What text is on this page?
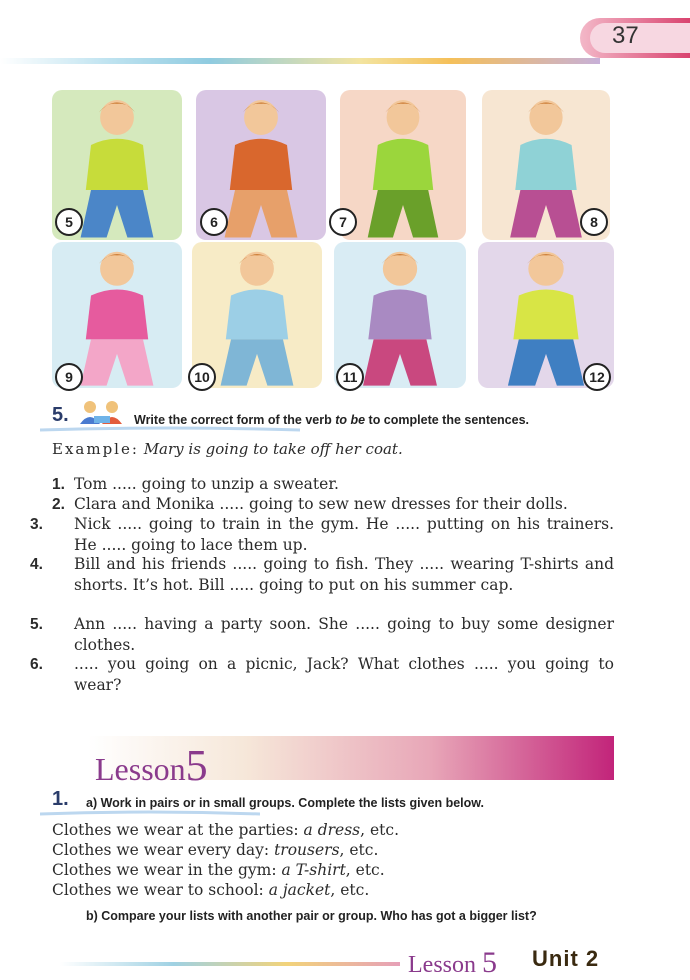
37
5	6	7	8
9	10	11	12
5.	Write the correct form of the verb to be to complete the sentences.
Example: Mary is going to take off her coat.
1. Tom ..... going to unzip a sweater.
2. Clara and Monika ..... going to sew new dresses for their dolls.
3. Nick ..... going to train in the gym. He ..... putting on his trainers. He ..... going to lace them up.
4. Bill and his friends ..... going to fish. They ..... wearing T-shirts and shorts. It’s hot. Bill ..... going to put on his summer cap.
5. Ann ..... having a party soon. She ..... going to buy some designer clothes.
6. ..... you going on a picnic, Jack? What clothes ..... you going to wear?
Lesson5
1. a) Work in pairs or in small groups. Complete the lists given below.
Clothes we wear at the parties: a dress, etc.
Clothes we wear every day: trousers, etc.
Clothes we wear in the gym: a T-shirt, etc.
Clothes we wear to school: a jacket, etc.
b) Compare your lists with another pair or group. Who has got a bigger list?
Lesson 5 Unit 2
